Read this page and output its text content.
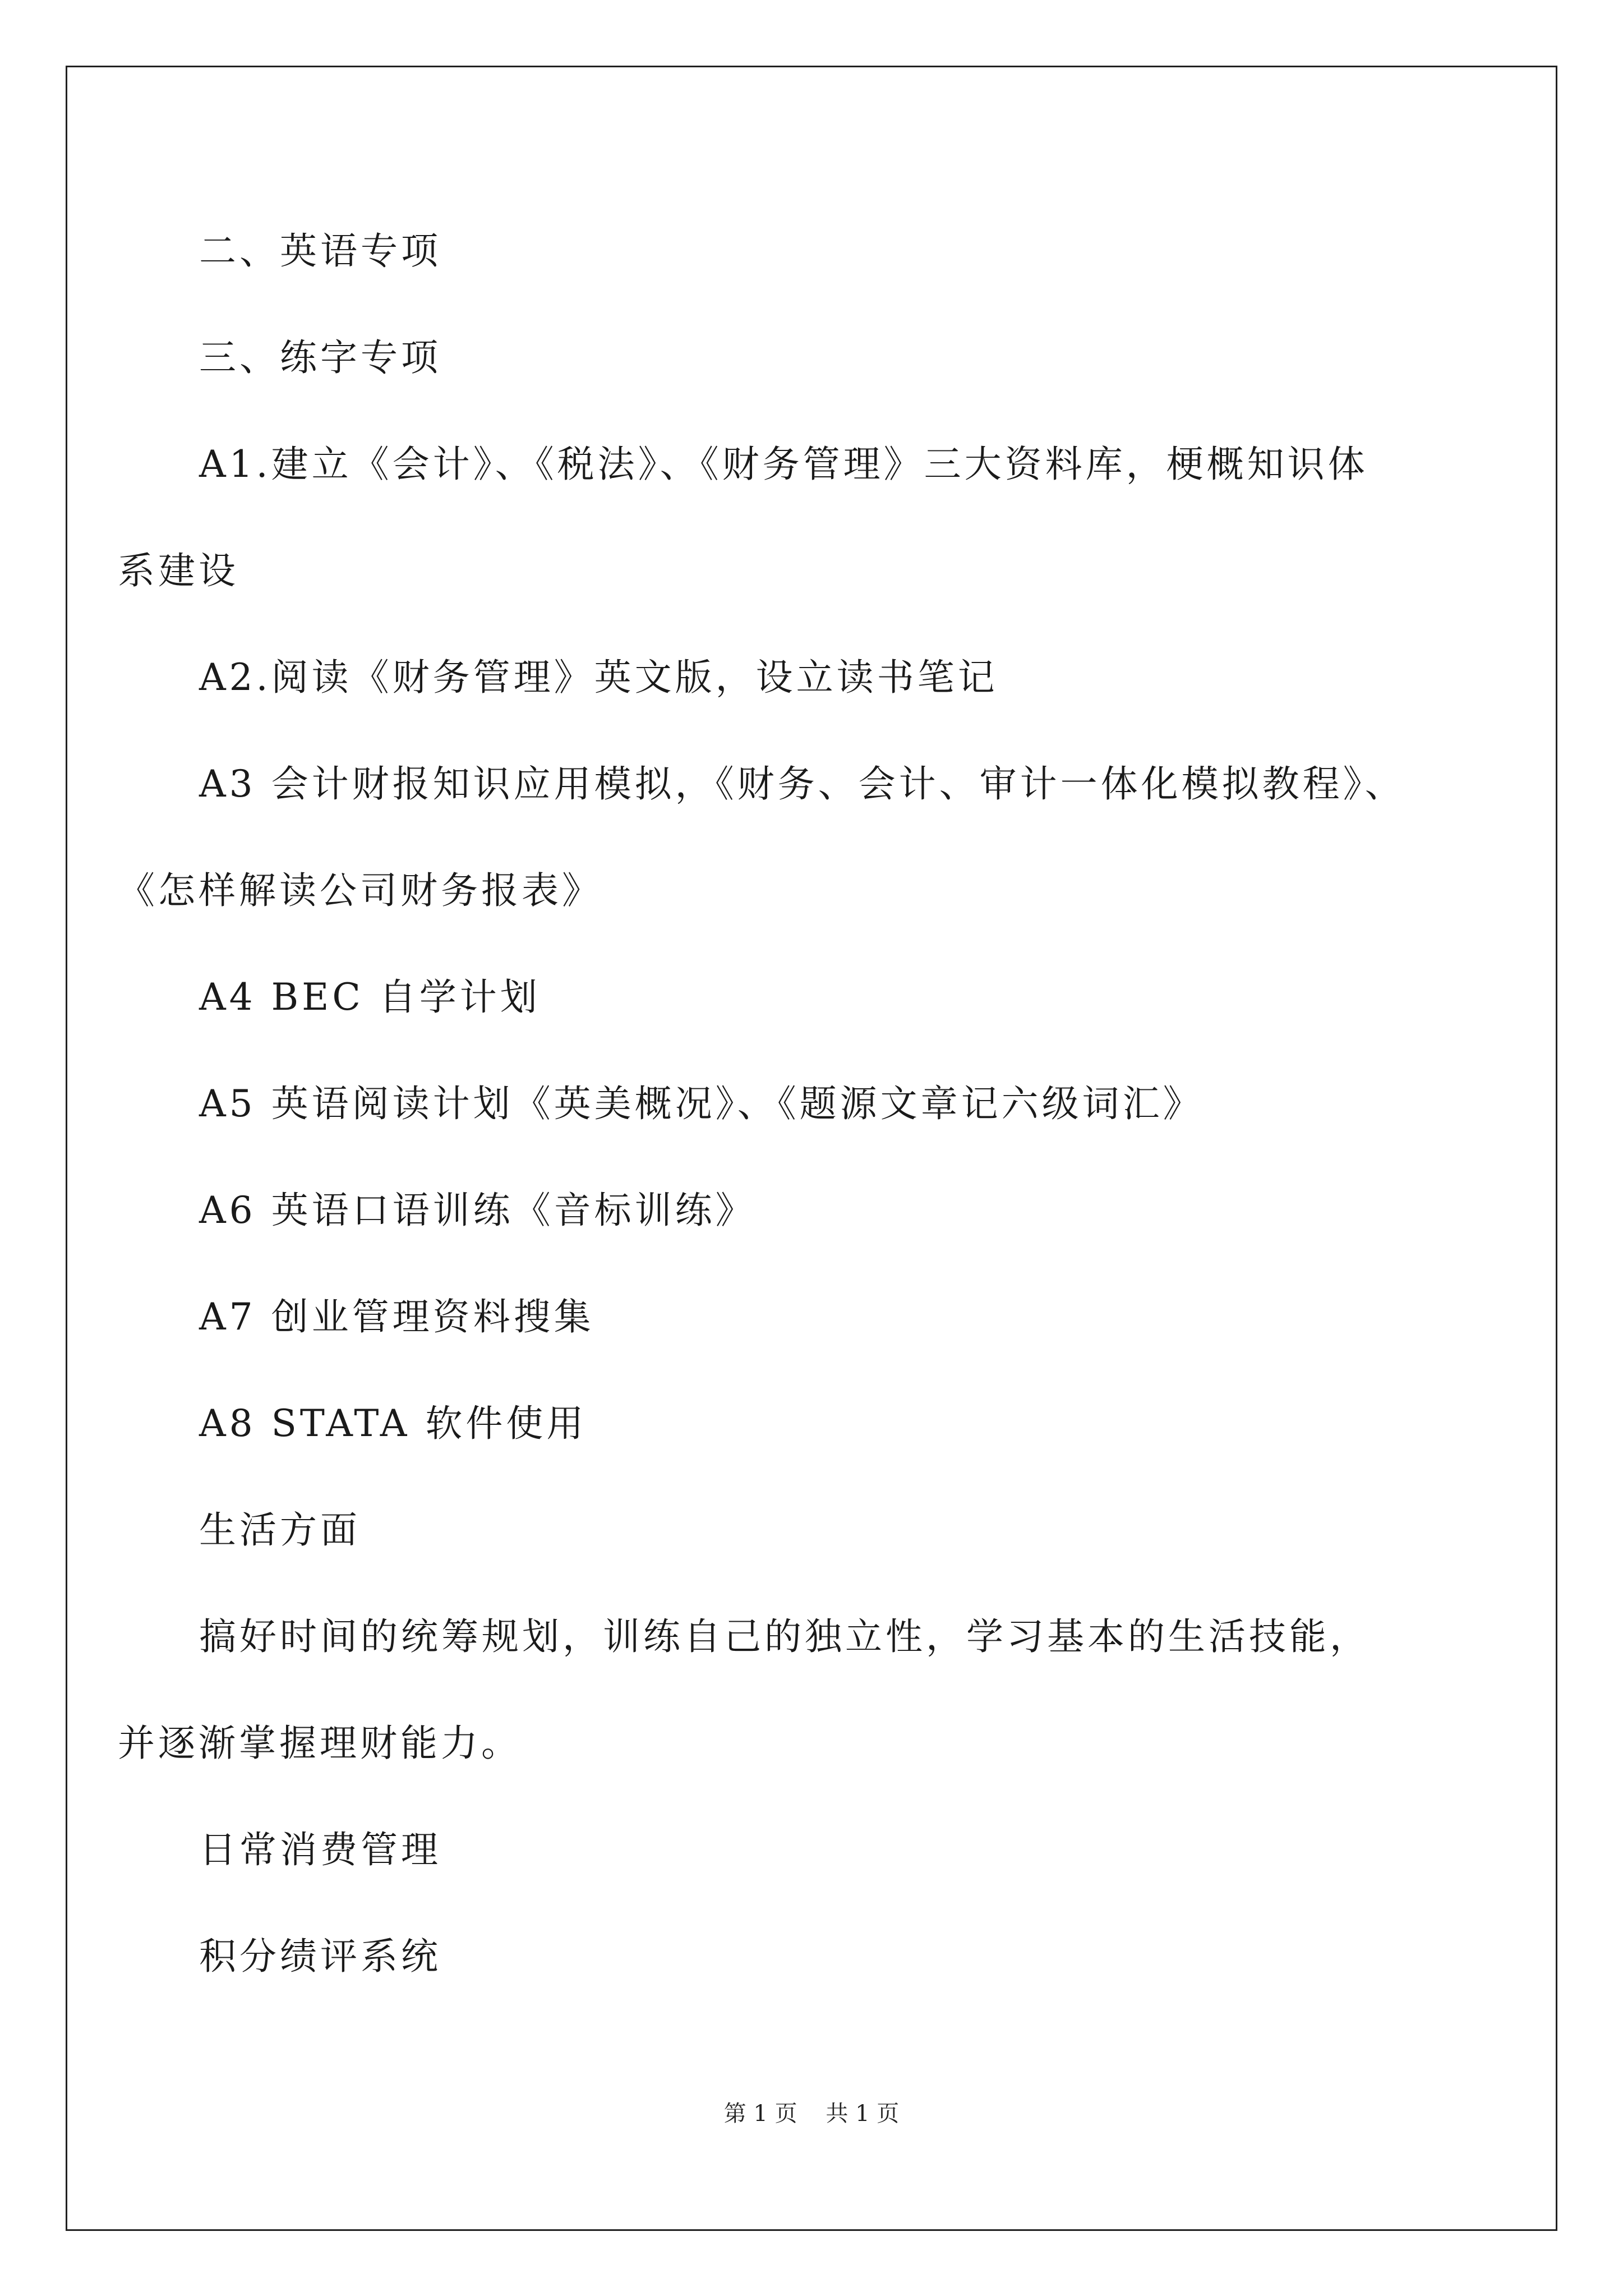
二、英语专项
三、练字专项
A1.建立《会计》、《税法》、《财务管理》三大资料库，梗概知识体
系建设
A2.阅读《财务管理》英文版，设立读书笔记
A3 会计财报知识应用模拟，《财务、会计、审计一体化模拟教程》、
《怎样解读公司财务报表》
A4 BEC 自学计划
A5 英语阅读计划《英美概况》、《题源文章记六级词汇》
A6 英语口语训练《音标训练》
A7 创业管理资料搜集
A8 STATA 软件使用
生活方面
搞好时间的统筹规划，训练自己的独立性，学习基本的生活技能，
并逐渐掌握理财能力。
日常消费管理
积分绩评系统
第 1 页    共 1 页
